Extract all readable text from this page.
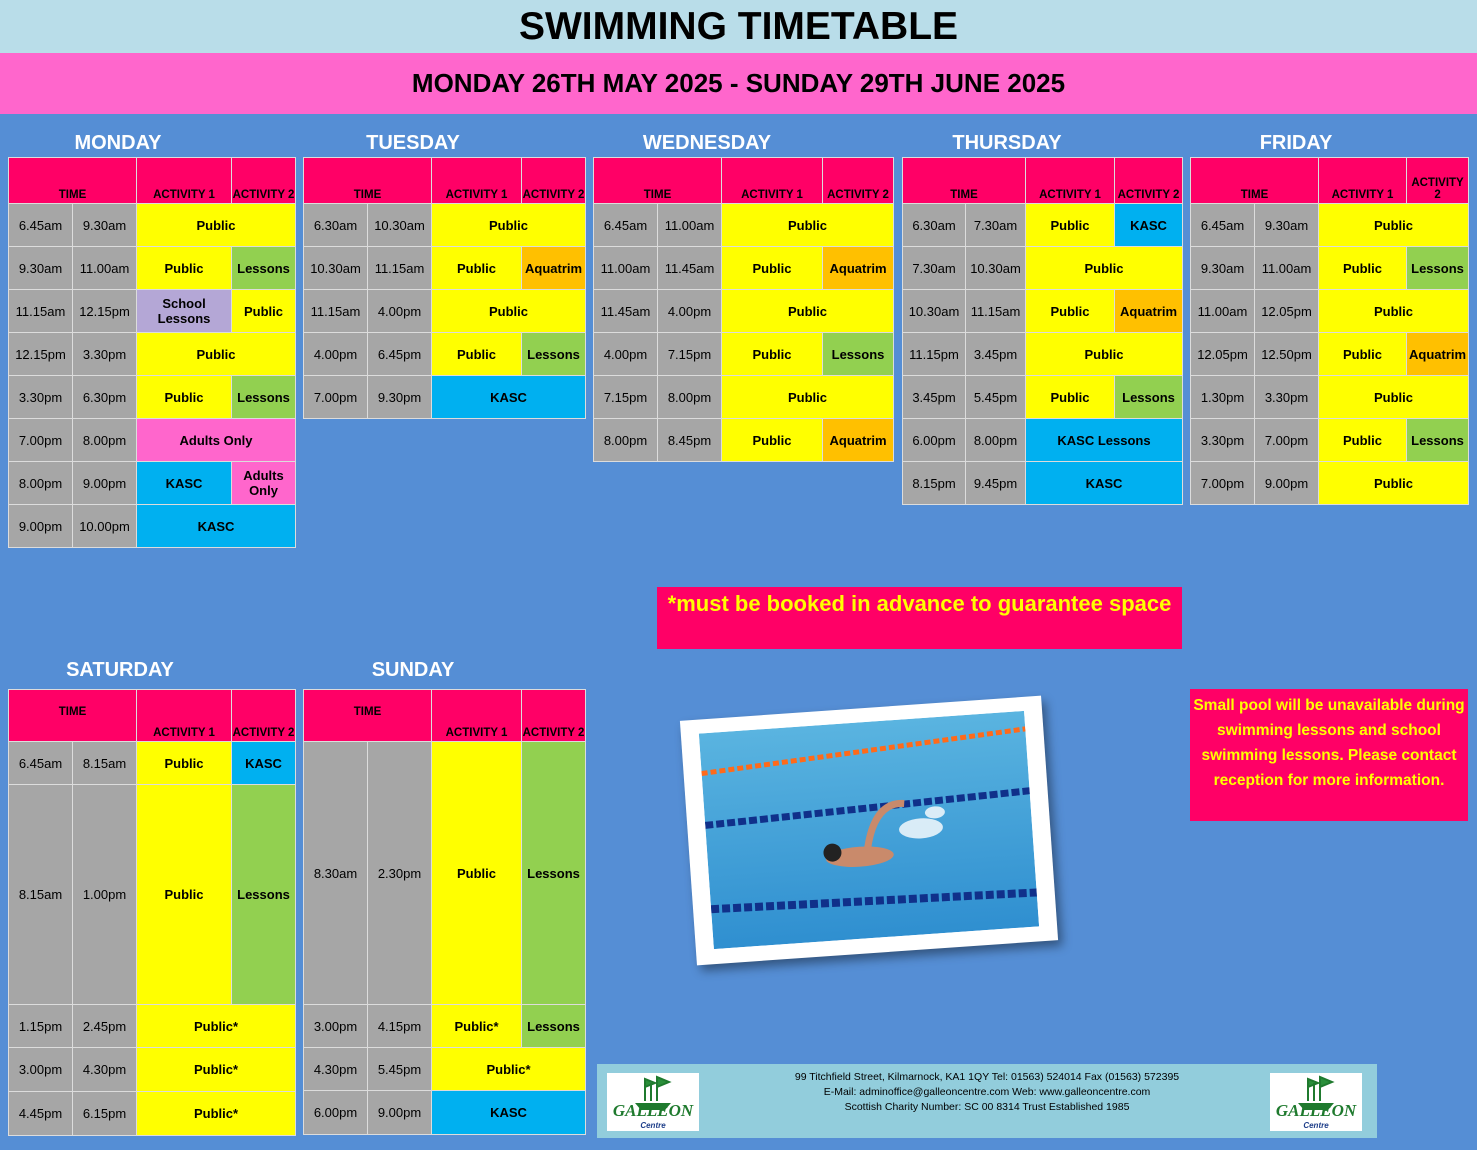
SWIMMING TIMETABLE
MONDAY 26TH MAY 2025 - SUNDAY 29TH JUNE 2025
MONDAY
TIME		ACTIVITY 1	ACTIVITY 2
6.45am	9.30am	Public	
9.30am	11.00am	Public	Lessons
11.15am	12.15pm	School Lessons	Public
12.15pm	3.30pm	Public	
3.30pm	6.30pm	Public	Lessons
7.00pm	8.00pm	Adults Only	
8.00pm	9.00pm	KASC	Adults Only
9.00pm	10.00pm	KASC	
TUESDAY
TIME		ACTIVITY 1	ACTIVITY 2
6.30am	10.30am	Public	
10.30am	11.15am	Public	Aquatrim
11.15am	4.00pm	Public	
4.00pm	6.45pm	Public	Lessons
7.00pm	9.30pm	KASC	
WEDNESDAY
TIME		ACTIVITY 1	ACTIVITY 2
6.45am	11.00am	Public	
11.00am	11.45am	Public	Aquatrim
11.45am	4.00pm	Public	
4.00pm	7.15pm	Public	Lessons
7.15pm	8.00pm	Public	
8.00pm	8.45pm	Public	Aquatrim
THURSDAY
TIME		ACTIVITY 1	ACTIVITY 2
6.30am	7.30am	Public	KASC
7.30am	10.30am	Public	
10.30am	11.15am	Public	Aquatrim
11.15pm	3.45pm	Public	
3.45pm	5.45pm	Public	Lessons
6.00pm	8.00pm	KASC Lessons	
8.15pm	9.45pm	KASC	
FRIDAY
TIME		ACTIVITY 1	ACTIVITY 2
6.45am	9.30am	Public	
9.30am	11.00am	Public	Lessons
11.00am	12.05pm	Public	
12.05pm	12.50pm	Public	Aquatrim
1.30pm	3.30pm	Public	
3.30pm	7.00pm	Public	Lessons
7.00pm	9.00pm	Public	
SATURDAY
TIME		ACTIVITY 1	ACTIVITY 2
6.45am	8.15am	Public	KASC
8.15am	1.00pm	Public	Lessons
1.15pm	2.45pm	Public*	
3.00pm	4.30pm	Public*	
4.45pm	6.15pm	Public*	
SUNDAY
TIME		ACTIVITY 1	ACTIVITY 2
8.30am	2.30pm	Public	Lessons
3.00pm	4.15pm	Public*	Lessons
4.30pm	5.45pm	Public*	
6.00pm	9.00pm	KASC	
*must be booked in advance to guarantee space
Small pool will be unavailable during swimming lessons and school swimming lessons. Please contact reception for more information.
GALLEON
Centre
99 Titchfield Street, Kilmarnock, KA1 1QY Tel: 01563) 524014 Fax (01563) 572395
E-Mail: adminoffice@galleoncentre.com Web: www.galleoncentre.com
Scottish Charity Number: SC 00 8314 Trust Established 1985	GALLEON
Centre
